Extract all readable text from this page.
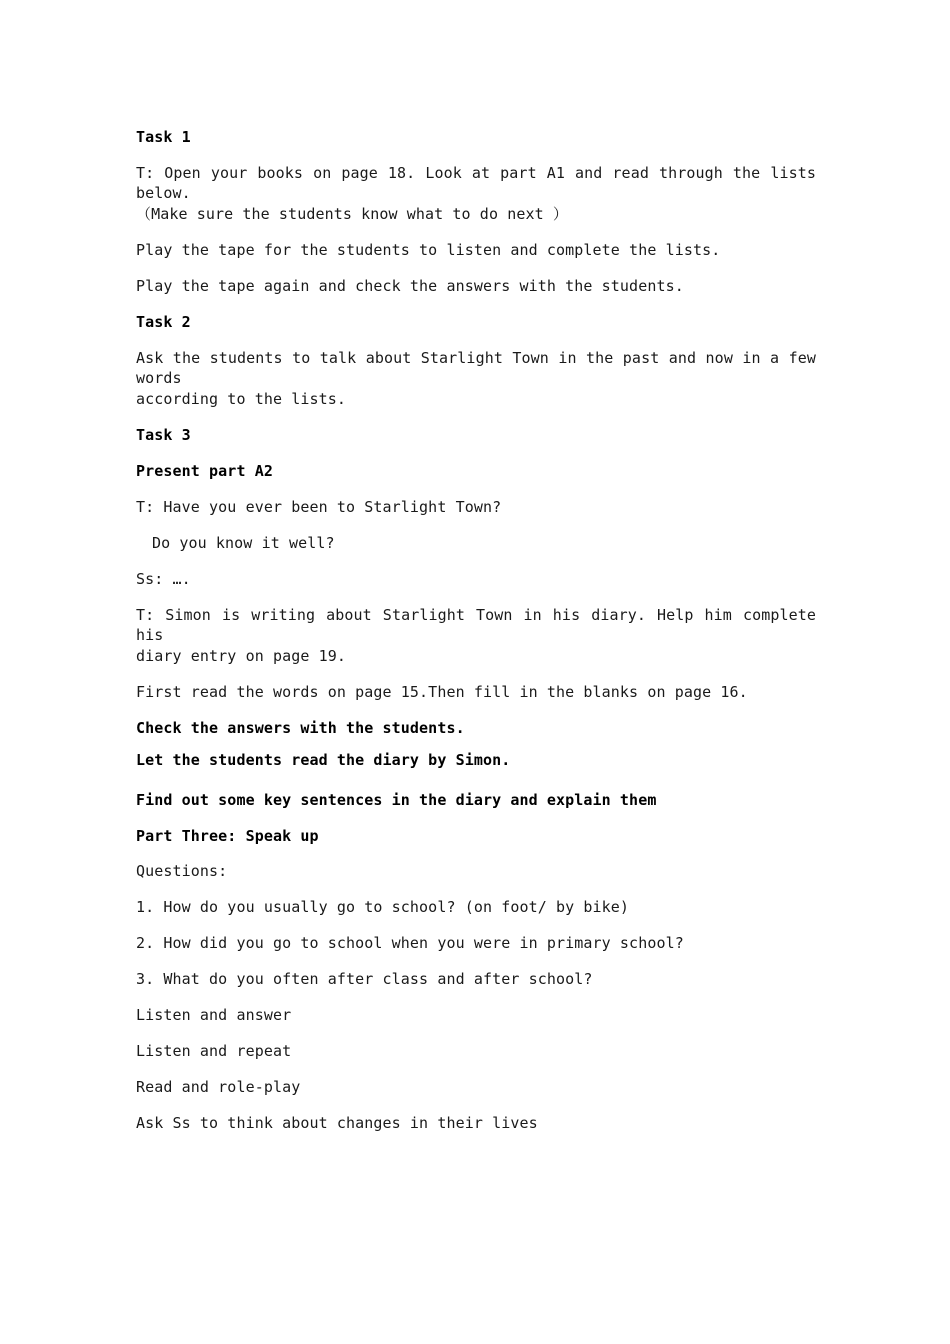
Task 1
T: Open your books on page 18. Look at part A1 and read through the lists below.
（Make sure the students know what to do next ）
Play the tape for the students to listen and complete the lists.
Play the tape again and check the answers with the students.
Task 2
Ask the students to talk about Starlight Town in the past and now in a few words
according to the lists.
Task 3
Present part A2
T: Have you ever been to Starlight Town?
Do you know it well?
Ss: ….
T: Simon is writing about Starlight Town in his diary. Help him complete his
diary entry on page 19.
First read the words on page 15.Then fill in the blanks on page 16.
Check the answers with the students.
Let the students read the diary by Simon.
Find out some key sentences in the diary and explain them
Part Three: Speak up
Questions:
1. How do you usually go to school? (on foot/ by bike)
2. How did you go to school when you were in primary school?
3. What do you often after class and after school?
Listen and answer
Listen and repeat
Read and role-play
Ask Ss to think about changes in their lives
